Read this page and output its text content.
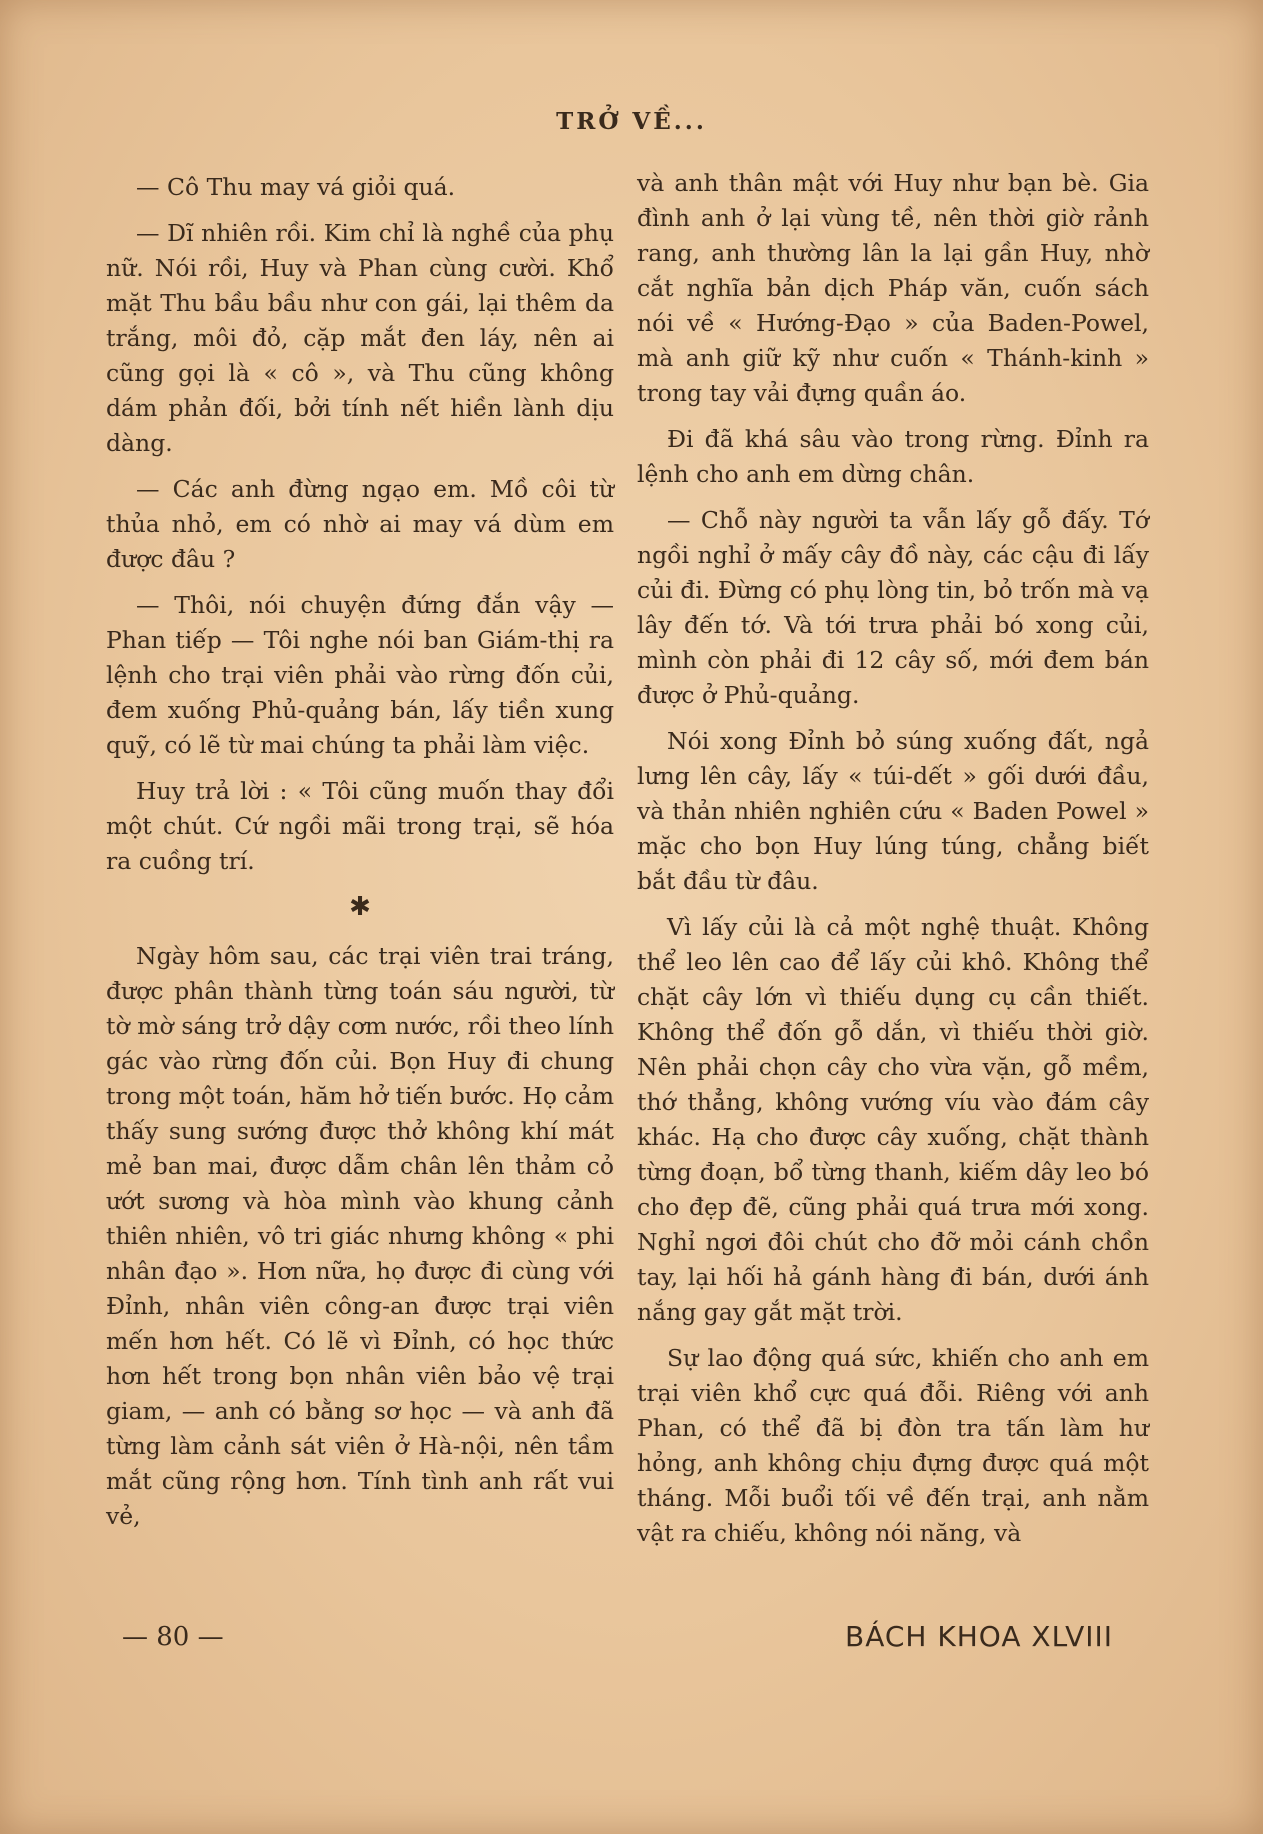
TRỞ VỀ...

— Cô Thu may vá giỏi quá.

— Dĩ nhiên rồi. Kim chỉ là nghề của phụ nữ. Nói rồi, Huy và Phan cùng cười. Khổ mặt Thu bầu bầu như con gái, lại thêm da trắng, môi đỏ, cặp mắt đen láy, nên ai cũng gọi là « cô », và Thu cũng không dám phản đối, bởi tính nết hiền lành dịu dàng.

— Các anh đừng ngạo em. Mồ côi từ thủa nhỏ, em có nhờ ai may vá dùm em được đâu ?

— Thôi, nói chuyện đứng đắn vậy — Phan tiếp — Tôi nghe nói ban Giám-thị ra lệnh cho trại viên phải vào rừng đốn củi, đem xuống Phủ-quảng bán, lấy tiền xung quỹ, có lẽ từ mai chúng ta phải làm việc.

Huy trả lời : « Tôi cũng muốn thay đổi một chút. Cứ ngồi mãi trong trại, sẽ hóa ra cuồng trí.

✱

Ngày hôm sau, các trại viên trai tráng, được phân thành từng toán sáu người, từ tờ mờ sáng trở dậy cơm nước, rồi theo lính gác vào rừng đốn củi. Bọn Huy đi chung trong một toán, hăm hở tiến bước. Họ cảm thấy sung sướng được thở không khí mát mẻ ban mai, được dẫm chân lên thảm cỏ ướt sương và hòa mình vào khung cảnh thiên nhiên, vô tri giác nhưng không « phi nhân đạo ». Hơn nữa, họ được đi cùng với Đỉnh, nhân viên công-an được trại viên mến hơn hết. Có lẽ vì Đỉnh, có học thức hơn hết trong bọn nhân viên bảo vệ trại giam, — anh có bằng sơ học — và anh đã từng làm cảnh sát viên ở Hà-nội, nên tầm mắt cũng rộng hơn. Tính tình anh rất vui vẻ,

và anh thân mật với Huy như bạn bè. Gia đình anh ở lại vùng tề, nên thời giờ rảnh rang, anh thường lân la lại gần Huy, nhờ cắt nghĩa bản dịch Pháp văn, cuốn sách nói về « Hướng-Đạo » của Baden-Powel, mà anh giữ kỹ như cuốn « Thánh-kinh » trong tay vải đựng quần áo.

Đi đã khá sâu vào trong rừng. Đỉnh ra lệnh cho anh em dừng chân.

— Chỗ này người ta vẫn lấy gỗ đấy. Tớ ngồi nghỉ ở mấy cây đồ này, các cậu đi lấy củi đi. Đừng có phụ lòng tin, bỏ trốn mà vạ lây đến tớ. Và tới trưa phải bó xong củi, mình còn phải đi 12 cây số, mới đem bán được ở Phủ-quảng.

Nói xong Đỉnh bỏ súng xuống đất, ngả lưng lên cây, lấy « túi-dết » gối dưới đầu, và thản nhiên nghiên cứu « Baden Powel » mặc cho bọn Huy lúng túng, chẳng biết bắt đầu từ đâu.

Vì lấy củi là cả một nghệ thuật. Không thể leo lên cao để lấy củi khô. Không thể chặt cây lớn vì thiếu dụng cụ cần thiết. Không thể đốn gỗ dắn, vì thiếu thời giờ. Nên phải chọn cây cho vừa vặn, gỗ mềm, thớ thẳng, không vướng víu vào đám cây khác. Hạ cho được cây xuống, chặt thành từng đoạn, bổ từng thanh, kiếm dây leo bó cho đẹp đẽ, cũng phải quá trưa mới xong. Nghỉ ngơi đôi chút cho đỡ mỏi cánh chồn tay, lại hối hả gánh hàng đi bán, dưới ánh nắng gay gắt mặt trời.

Sự lao động quá sức, khiến cho anh em trại viên khổ cực quá đỗi. Riêng với anh Phan, có thể đã bị đòn tra tấn làm hư hỏng, anh không chịu đựng được quá một tháng. Mỗi buổi tối về đến trại, anh nằm vật ra chiếu, không nói năng, và

— 80 —	BÁCH KHOA XLVIII
